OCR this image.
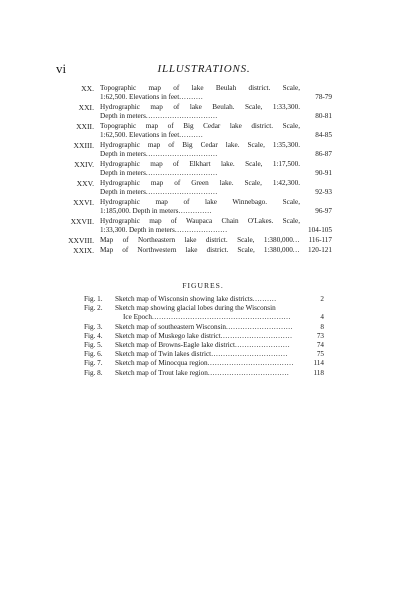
vi	ILLUSTRATIONS.
XX. Topographic map of lake Beulah district. Scale,
1:62,500. Elevations in feet..........	78-79
XXI. Hydrographic map of lake Beulah. Scale, 1:33,300.
Depth in meters..............................	80-81
XXII. Topographic map of Big Cedar lake district. Scale,
1:62,500. Elevations in feet..........	84-85
XXIII. Hydrographic map of Big Cedar lake. Scale, 1:35,300.
Depth in meters..............................	86-87
XXIV. Hydrographic map of Elkhart lake. Scale, 1:17,500.
Depth in meters..............................	90-91
XXV. Hydrographic map of Green lake. Scale, 1:42,300.
Depth in meters..............................	92-93
XXVI. Hydrographic map of lake Winnebago. Scale,
1:185,000. Depth in meters..............	96-97
XXVII. Hydrographic map of Waupaca Chain O'Lakes. Scale,
1:33,300. Depth in meters......................	104-105
XXVIII. Map of Northeastern lake district. Scale, 1:380,000...	116-117
XXIX. Map of Northwestern lake district. Scale, 1:380,000...	120-121
FIGURES.
Fig. 1.	Sketch map of Wisconsin showing lake districts..........	2
Fig. 2.	Sketch map showing glacial lobes during the Wisconsin
Ice Epoch..........................................................	4
Fig. 3.	Sketch map of southeastern Wisconsin............................	8
Fig. 4.	Sketch map of Muskego lake district..............................	73
Fig. 5.	Sketch map of Browns-Eagle lake district.......................	74
Fig. 6.	Sketch map of Twin lakes district................................	75
Fig. 7.	Sketch map of Minocqua region....................................	114
Fig. 8.	Sketch map of Trout lake region..................................	118
